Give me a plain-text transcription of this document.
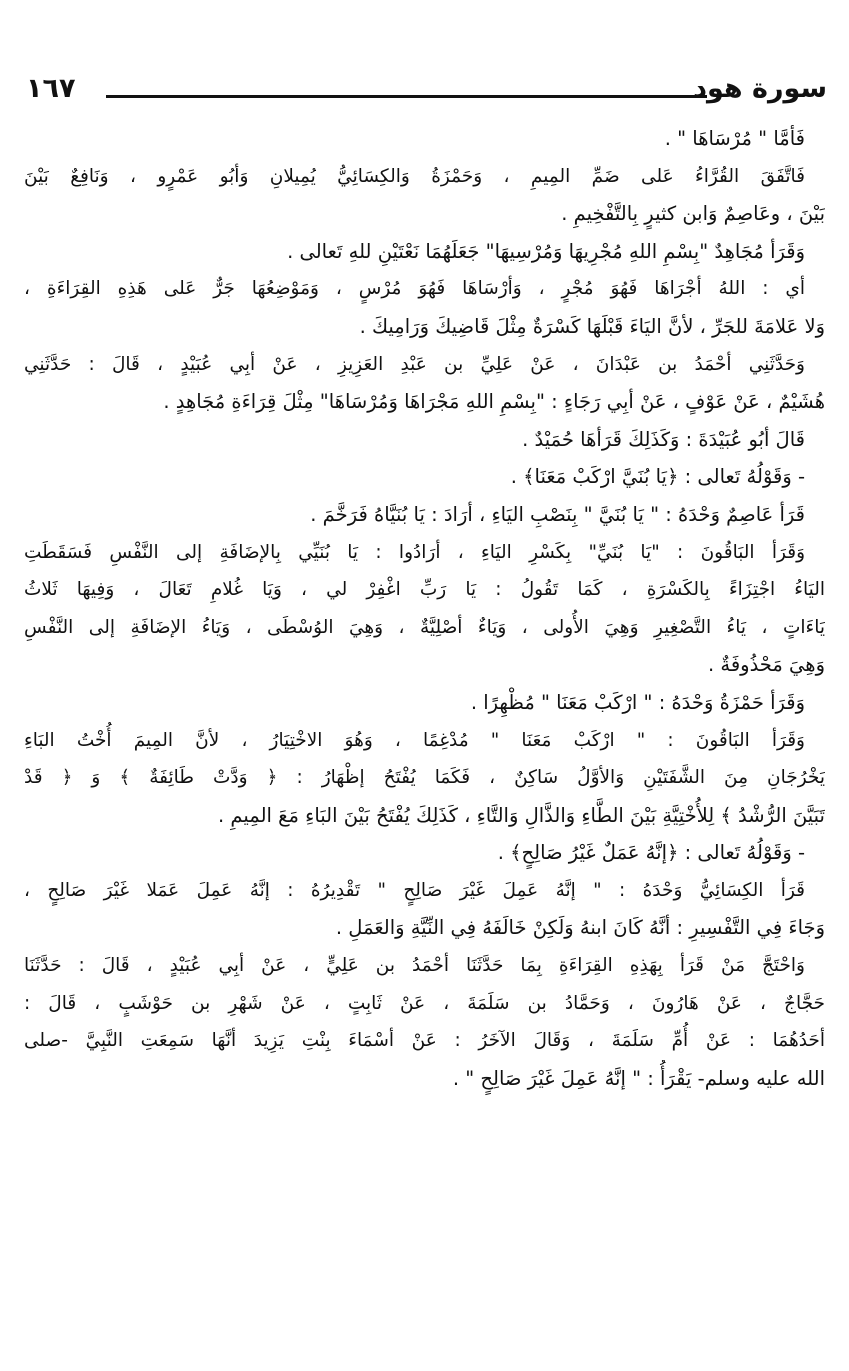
سورة هود
١٦٧
فَأمَّا " مُرْسَاهَا " .
فَاتَّفَقَ القُرَّاءُ عَلى ضَمِّ المِيمِ ، وَحَمْزَةُ وَالكِسَائِيُّ يُمِيلانِ وَأبُو عَمْرٍو ، وَنَافِعٌ بَيْنَ
بَيْنَ ، وعَاصِمٌ وَابن كثيرٍ بِالتَّفْخِيمِ .
وَقَرَأ مُجَاهِدٌ "بِسْمِ اللهِ مُجْرِيهَا وَمُرْسِيهَا" جَعَلَهُمَا نَعْتَيْنِ للهِ تَعالى .
أي : اللهُ أجْرَاهَا فَهُوَ مُجْرٍ ، وَأرْسَاهَا فَهُوَ مُرْسٍ ، وَمَوْضِعُهَا جَرٌّ عَلى هَذِهِ القِرَاءَةِ ،
وَلا عَلامَةَ للجَرِّ ، لأنَّ اليَاءَ قَبْلَهَا كَسْرَةٌ مِثْلَ قَاضِيكَ وَرَامِيكَ .
وَحَدَّثَنِي أحْمَدُ بن عَبْدَانَ ، عَنْ عَلِيِّ بن عَبْدِ العَزِيزِ ، عَنْ أبِي عُبَيْدٍ ، قَالَ : حَدَّثَنِي
هُشَيْمٌ ، عَنْ عَوْفٍ ، عَنْ أبِي رَجَاءٍ : "بِسْمِ اللهِ مَجْرَاهَا وَمُرْسَاهَا" مِثْلَ قِرَاءَةِ مُجَاهِدٍ .
قَالَ أبُو عُبَيْدَةَ : وَكَذَلِكَ قَرَأهَا حُمَيْدٌ .
- وَقَوْلُهُ تَعالى : ﴿يَا بُنَيَّ ارْكَبْ مَعَنَا﴾ .
قَرَأ عَاصِمٌ وَحْدَهُ : " يَا بُنَيَّ " بِنَصْبِ اليَاءِ ، أرَادَ : يَا بُنَيَّاهُ فَرَخَّمَ .
وَقَرَأ البَاقُونَ : "يَا بُنَيِّ" بِكَسْرِ اليَاءِ ، أرَادُوا : يَا بُنَيِّي بِالإضَافَةِ إلى النَّفْسِ فَسَقَطَتِ
اليَاءُ اجْتِزَاءً بِالكَسْرَةِ ، كَمَا تَقُولُ : يَا رَبِّ اغْفِرْ لي ، وَيَا غُلامِ تَعَالَ ، وَفِيهَا ثَلاثُ
يَاءَاتٍ ، يَاءُ التَّصْغِيرِ وَهِيَ الأُولى ، وَيَاءٌ أصْلِيَّةٌ ، وَهِيَ الوُسْطَى ، وَيَاءُ الإضَافَةِ إلى النَّفْسِ
وَهِيَ مَحْذُوفَةٌ .
وَقَرَأ حَمْزَةُ وَحْدَهُ : " ارْكَبْ مَعَنَا " مُظْهِرًا .
وَقَرَأ البَاقُونَ : " ارْكَبْ مَعَنَا " مُدْغِمًا ، وَهُوَ الاخْتِيَارُ ، لأنَّ المِيمَ أُخْتُ البَاءِ
يَخْرُجَانِ مِنَ الشَّفَتَيْنِ وَالأوَّلُ سَاكِنٌ ، فَكَمَا يُفْتَحُ إظْهَارُ : ﴿ وَدَّتْ طَائِفَةٌ ﴾ وَ ﴿ قَدْ
تَبَيَّنَ الرُّشْدُ ﴾ لِلأُخْتِيَّةِ بَيْنَ الطَّاءِ وَالذَّالِ وَالتَّاءِ ، كَذَلِكَ يُفْتَحُ بَيْنَ البَاءِ مَعَ المِيمِ .
- وَقَوْلُهُ تَعالى : ﴿إنَّهُ عَمَلٌ غَيْرُ صَالِحٍ﴾ .
قَرَأ الكِسَائِيُّ وَحْدَهُ : " إنَّهُ عَمِلَ غَيْرَ صَالِحٍ " تَقْدِيرُهُ : إنَّهُ عَمِلَ عَمَلا غَيْرَ صَالِحٍ ،
وَجَاءَ فِي التَّفْسِيرِ : أنَّهُ كَانَ ابنهُ وَلَكِنْ خَالَفَهُ فِي النِّيَّةِ وَالعَمَلِ .
وَاحْتَجَّ مَنْ قَرَأ بِهَذِهِ القِرَاءَةِ بِمَا حَدَّثَنَا أحْمَدُ بن عَلِيٍّ ، عَنْ أبِي عُبَيْدٍ ، قَالَ : حَدَّثَنَا
حَجَّاجٌ ، عَنْ هَارُونَ ، وَحَمَّادُ بن سَلَمَةَ ، عَنْ ثَابِتٍ ، عَنْ شَهْرِ بن حَوْشَبٍ ، قَالَ :
أحَدُهُمَا : عَنْ أُمِّ سَلَمَةَ ، وَقَالَ الآخَرُ : عَنْ أسْمَاءَ بِنْتِ يَزِيدَ أنَّهَا سَمِعَتِ النَّبِيَّ -صلى
الله عليه وسلم- يَقْرَأُ : " إنَّهُ عَمِلَ غَيْرَ صَالِحٍ " .
